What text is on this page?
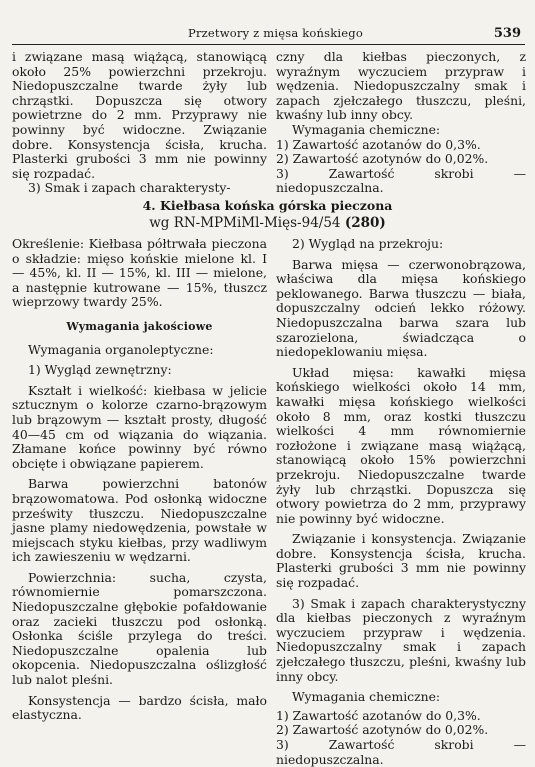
Przetwory z mięsa końskiego	539

i związane masą wiążącą, stanowiącą około 25% powierzchni przekroju. Niedopuszczalne twarde żyły lub chrząstki. Dopuszcza się otwory powietrzne do 2 mm. Przyprawy nie powinny być widoczne. Związanie dobre. Konsystencja ścisła, krucha. Plasterki grubości 3 mm nie powinny się rozpadać.

3) Smak i zapach charakterysty-

czny dla kiełbas pieczonych, z wyraźnym wyczuciem przypraw i wędzenia. Niedopuszczalny smak i zapach zjełczałego tłuszczu, pleśni, kwaśny lub inny obcy.

Wymagania chemiczne:

1) Zawartość azotanów do 0,3%.

2) Zawartość azotynów do 0,02%.

3) Zawartość skrobi — niedopuszczalna.

4. Kiełbasa końska górska pieczona
wg RN-MPMiMl-Mięs-94/54 (280)

Określenie: Kiełbasa półtrwała pieczona o składzie: mięso końskie mielone kl. I — 45%, kl. II — 15%, kl. III — mielone, a następnie kutrowane — 15%, tłuszcz wieprzowy twardy 25%.

Wymagania jakościowe

Wymagania organoleptyczne:

1) Wygląd zewnętrzny:

Kształt i wielkość: kiełbasa w jelicie sztucznym o kolorze czarno-brązowym lub brązowym — kształt prosty, długość 40—45 cm od wiązania do wiązania. Złamane końce powinny być równo obcięte i obwiązane papierem.

Barwa powierzchni batonów brązowomatowa. Pod osłonką widoczne prześwity tłuszczu. Niedopuszczalne jasne plamy niedowędzenia, powstałe w miejscach styku kiełbas, przy wadliwym ich zawieszeniu w wędzarni.

Powierzchnia: sucha, czysta, równomiernie pomarszczona. Niedopuszczalne głębokie pofałdowanie oraz zacieki tłuszczu pod osłonką. Osłonka ściśle przylega do treści. Niedopuszczalne opalenia lub okopcenia. Niedopuszczalna oślizgłość lub nalot pleśni.

Konsystencja — bardzo ścisła, mało elastyczna.

2) Wygląd na przekroju:

Barwa mięsa — czerwonobrązowa, właściwa dla mięsa końskiego peklowanego. Barwa tłuszczu — biała, dopuszczalny odcień lekko różowy. Niedopuszczalna barwa szara lub szarozielona, świadcząca o niedopeklowaniu mięsa.

Układ mięsa: kawałki mięsa końskiego wielkości około 14 mm, kawałki mięsa końskiego wielkości około 8 mm, oraz kostki tłuszczu wielkości 4 mm równomiernie rozłożone i związane masą wiążącą, stanowiącą około 15% powierzchni przekroju. Niedopuszczalne twarde żyły lub chrząstki. Dopuszcza się otwory powietrza do 2 mm, przyprawy nie powinny być widoczne.

Związanie i konsystencja. Związanie dobre. Konsystencja ścisła, krucha. Plasterki grubości 3 mm nie powinny się rozpadać.

3) Smak i zapach charakterystyczny dla kiełbas pieczonych z wyraźnym wyczuciem przypraw i wędzenia. Niedopuszczalny smak i zapach zjełczałego tłuszczu, pleśni, kwaśny lub inny obcy.

Wymagania chemiczne:

1) Zawartość azotanów do 0,3%.

2) Zawartość azotynów do 0,02%.

3) Zawartość skrobi — niedopuszczalna.
